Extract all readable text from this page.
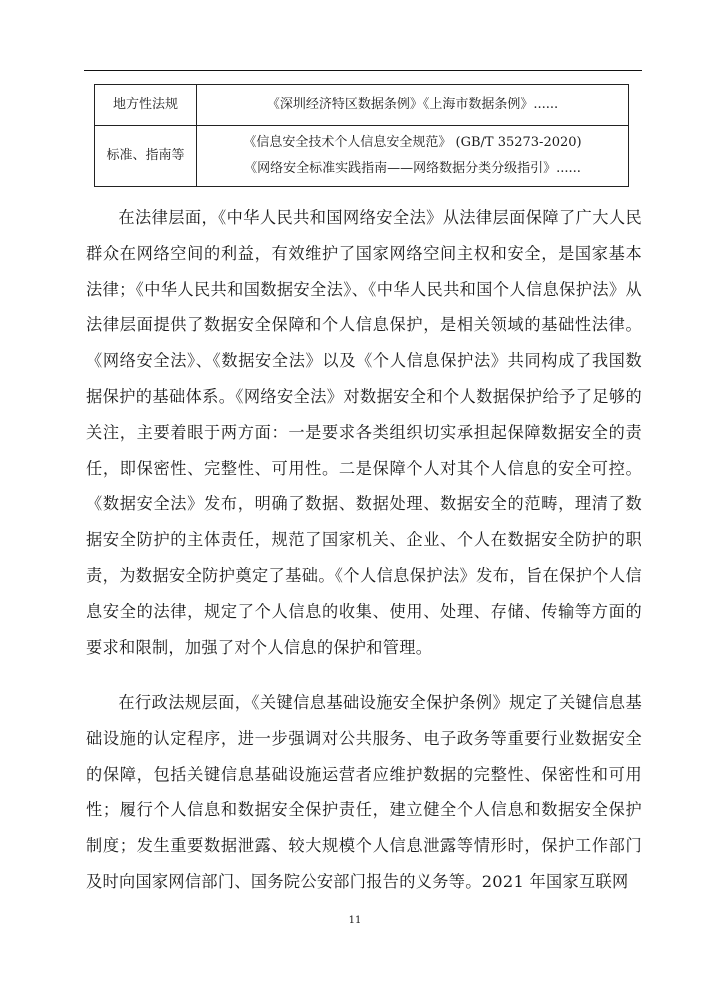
地方性法规	《深圳经济特区数据条例》《上海市数据条例》......

标准、指南等	《信息安全技术个人信息安全规范》 (GB/T 35273-2020)
《网络安全标准实践指南——网络数据分类分级指引》......

在法律层面，《中华人民共和国网络安全法》从法律层面保障了广大人民群众在网络空间的利益，有效维护了国家网络空间主权和安全，是国家基本法律；《中华人民共和国数据安全法》、《中华人民共和国个人信息保护法》从法律层面提供了数据安全保障和个人信息保护，是相关领域的基础性法律。《网络安全法》、《数据安全法》以及《个人信息保护法》共同构成了我国数据保护的基础体系。《网络安全法》对数据安全和个人数据保护给予了足够的关注，主要着眼于两方面：一是要求各类组织切实承担起保障数据安全的责任，即保密性、完整性、可用性。二是保障个人对其个人信息的安全可控。《数据安全法》发布，明确了数据、数据处理、数据安全的范畴，理清了数据安全防护的主体责任，规范了国家机关、企业、个人在数据安全防护的职责，为数据安全防护奠定了基础。《个人信息保护法》发布，旨在保护个人信息安全的法律，规定了个人信息的收集、使用、处理、存储、传输等方面的要求和限制，加强了对个人信息的保护和管理。

在行政法规层面，《关键信息基础设施安全保护条例》规定了关键信息基础设施的认定程序，进一步强调对公共服务、电子政务等重要行业数据安全的保障，包括关键信息基础设施运营者应维护数据的完整性、保密性和可用性；履行个人信息和数据安全保护责任，建立健全个人信息和数据安全保护制度；发生重要数据泄露、较大规模个人信息泄露等情形时，保护工作部门及时向国家网信部门、国务院公安部门报告的义务等。2021 年国家互联网

11
